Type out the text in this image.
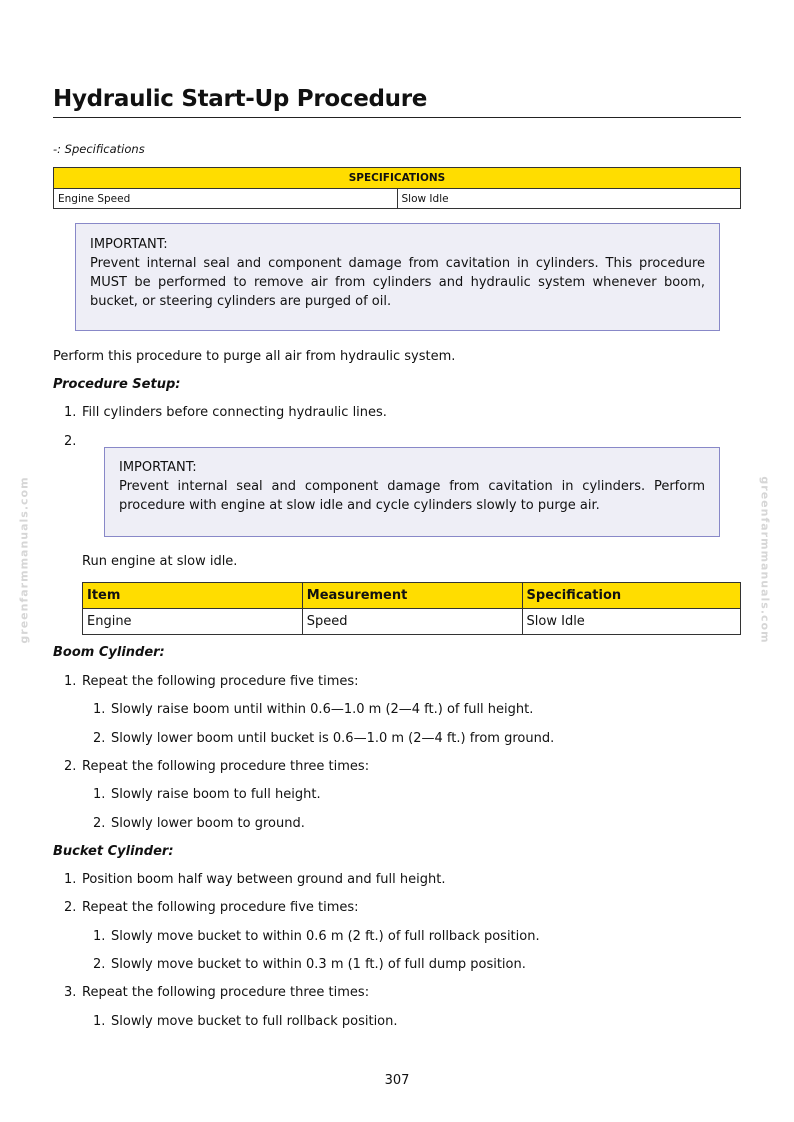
Hydraulic Start-Up Procedure
-: Specifications
SPECIFICATIONS
Engine Speed	Slow Idle
IMPORTANT:
Prevent internal seal and component damage from cavitation in cylinders. This procedure MUST be performed to remove air from cylinders and hydraulic system whenever boom, bucket, or steering cylinders are purged of oil.
Perform this procedure to purge all air from hydraulic system.
Procedure Setup:
1. Fill cylinders before connecting hydraulic lines.
2.
IMPORTANT:
Prevent internal seal and component damage from cavitation in cylinders. Perform procedure with engine at slow idle and cycle cylinders slowly to purge air.
Run engine at slow idle.
Item	Measurement	Specification
Engine	Speed	Slow Idle
Boom Cylinder:
1. Repeat the following procedure five times:
1. Slowly raise boom until within 0.6—1.0 m (2—4 ft.) of full height.
2. Slowly lower boom until bucket is 0.6—1.0 m (2—4 ft.) from ground.
2. Repeat the following procedure three times:
1. Slowly raise boom to full height.
2. Slowly lower boom to ground.
Bucket Cylinder:
1. Position boom half way between ground and full height.
2. Repeat the following procedure five times:
1. Slowly move bucket to within 0.6 m (2 ft.) of full rollback position.
2. Slowly move bucket to within 0.3 m (1 ft.) of full dump position.
3. Repeat the following procedure three times:
1. Slowly move bucket to full rollback position.
greenfarmmanuals.com	greenfarmmanuals.com
307
